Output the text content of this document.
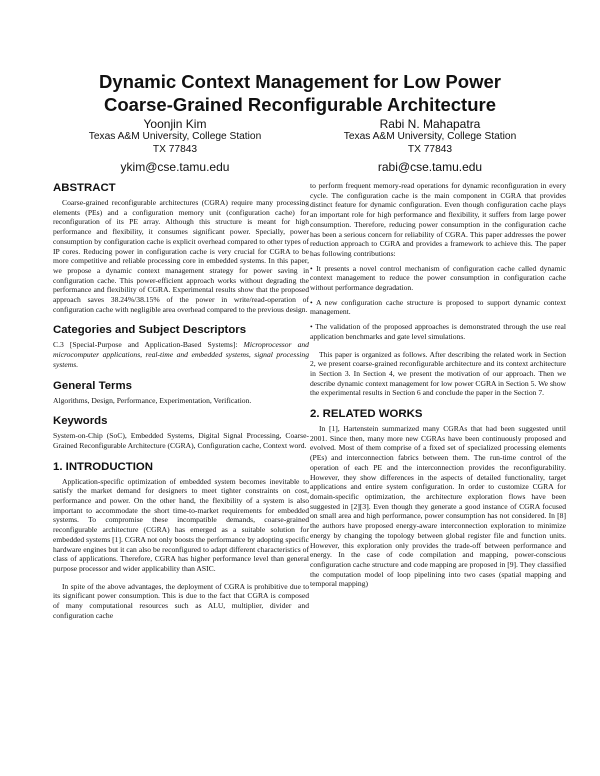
Dynamic Context Management for Low Power
Coarse-Grained Reconfigurable Architecture
Yoonjin Kim
Texas A&M University, College Station
TX 77843
ykim@cse.tamu.edu
Rabi N. Mahapatra
Texas A&M University, College Station
TX 77843
rabi@cse.tamu.edu
ABSTRACT

Coarse-grained reconfigurable architectures (CGRA) require many processing elements (PEs) and a configuration memory unit (configuration cache) for reconfiguration of its PE array. Although this structure is meant for high performance and flexibility, it consumes significant power. Specially, power consumption by configuration cache is explicit overhead compared to other types of IP cores. Reducing power in configuration cache is very crucial for CGRA to be more competitive and reliable processing core in embedded systems. In this paper, we propose a dynamic context management strategy for power saving in configuration cache. This power-efficient approach works without degrading the performance and flexibility of CGRA. Experimental results show that the proposed approach saves 38.24%/38.15% of the power in write/read-operation of configuration cache with negligible area overhead compared to the previous design.

Categories and Subject Descriptors

C.3 [Special-Purpose and Application-Based Systems]: Microprocessor and microcomputer applications, real-time and embedded systems, signal processing systems.

General Terms

Algorithms, Design, Performance, Experimentation, Verification.

Keywords

System-on-Chip (SoC), Embedded Systems, Digital Signal Processing, Coarse-Grained Reconfigurable Architecture (CGRA), Configuration cache, Context word.

1. INTRODUCTION

Application-specific optimization of embedded system becomes inevitable to satisfy the market demand for designers to meet tighter constraints on cost, performance and power. On the other hand, the flexibility of a system is also important to accommodate the short time-to-market requirements for embedded systems. To compromise these incompatible demands, coarse-grained reconfigurable architecture (CGRA) has emerged as a suitable solution for embedded systems [1]. CGRA not only boosts the performance by adopting specific hardware engines but it can also be reconfigured to adapt different characteristics of class of applications. Therefore, CGRA has higher performance level than general purpose processor and wider applicability than ASIC.

In spite of the above advantages, the deployment of CGRA is prohibitive due to its significant power consumption. This is due to the fact that CGRA is composed of many computational resources such as ALU, multiplier, divider and configuration cache

to perform frequent memory-read operations for dynamic reconfiguration in every cycle. The configuration cache is the main component in CGRA that provides distinct feature for dynamic configuration. Even though configuration cache plays an important role for high performance and flexibility, it suffers from large power consumption. Therefore, reducing power consumption in the configuration cache has been a serious concern for reliability of CGRA. This paper addresses the power reduction approach to CGRA and provides a framework to achieve this. The paper has following contributions:

• It presents a novel control mechanism of configuration cache called dynamic context management to reduce the power consumption in configuration cache without performance degradation.

• A new configuration cache structure is proposed to support dynamic context management.

• The validation of the proposed approaches is demonstrated through the use real application benchmarks and gate level simulations.

This paper is organized as follows. After describing the related work in Section 2, we present coarse-grained reconfigurable architecture and its context architecture in Section 3. In Section 4, we present the motivation of our approach. Then we describe dynamic context management for low power CGRA in Section 5. We show the experimental results in Section 6 and conclude the paper in the Section 7.

2. RELATED WORKS

In [1], Hartenstein summarized many CGRAs that had been suggested until 2001. Since then, many more new CGRAs have been continuously proposed and evolved. Most of them comprise of a fixed set of specialized processing elements (PEs) and interconnection fabrics between them. The run-time control of the operation of each PE and the interconnection provides the reconfigurability. However, they show differences in the aspects of detailed functionality, target applications and entire system configuration. In order to customize CGRA for domain-specific optimization, the architecture exploration flows have been suggested in [2][3]. Even though they generate a good instance of CGRA focused on small area and high performance, power consumption has not considered. In [8] the authors have proposed energy-aware interconnection exploration to minimize energy by changing the topology between global register file and function units. However, this exploration only provides the trade-off between performance and energy. In the case of code compilation and mapping, power-conscious configuration cache structure and code mapping are proposed in [9]. They classified the computation model of loop pipelining into two cases (spatial mapping and temporal mapping)
